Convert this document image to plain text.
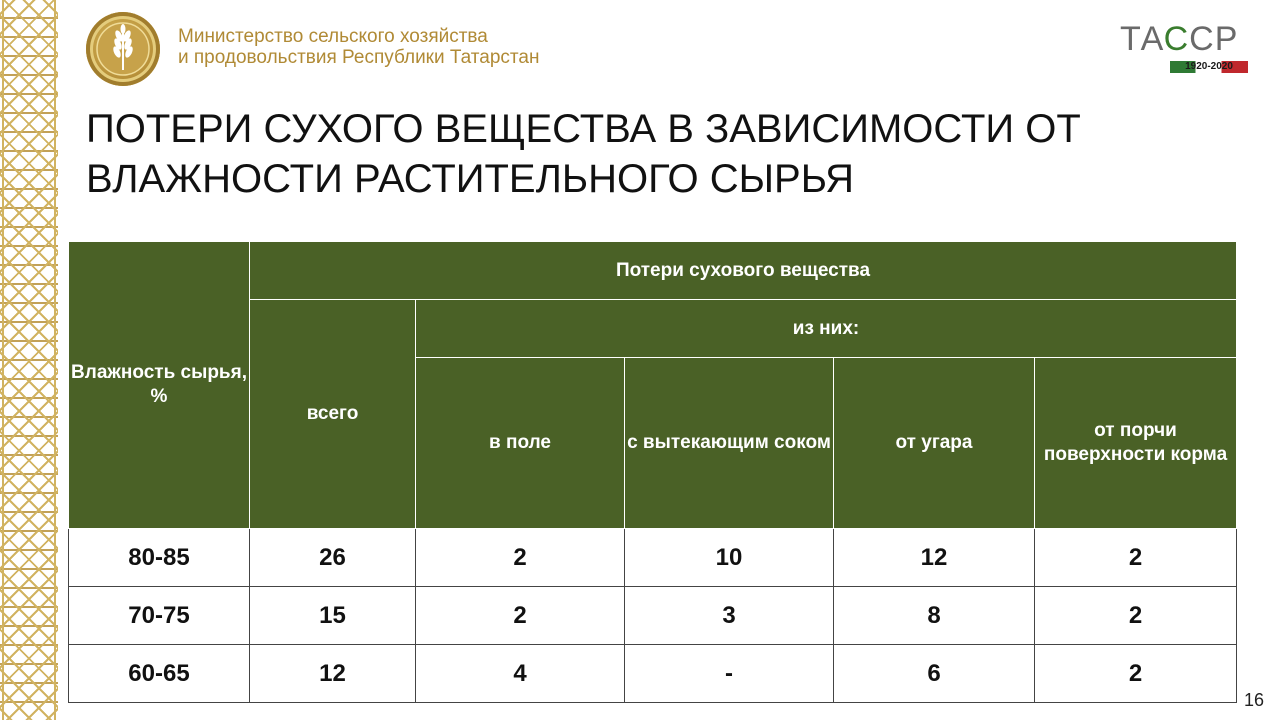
Министерство сельского хозяйства
и продовольствия Республики Татарстан	ТАССР
1920-2020
ПОТЕРИ СУХОГО ВЕЩЕСТВА В ЗАВИСИМОСТИ ОТ
ВЛАЖНОСТИ РАСТИТЕЛЬНОГО СЫРЬЯ
Влажность сырья, %	Потери сухового вещества				
	всего	из них:			
		в поле	с вытекающим соком	от угара	от порчи поверхности корма
80-85	26	2	10	12	2
70-75	15	2	3	8	2
60-65	12	4	-	6	2
16
